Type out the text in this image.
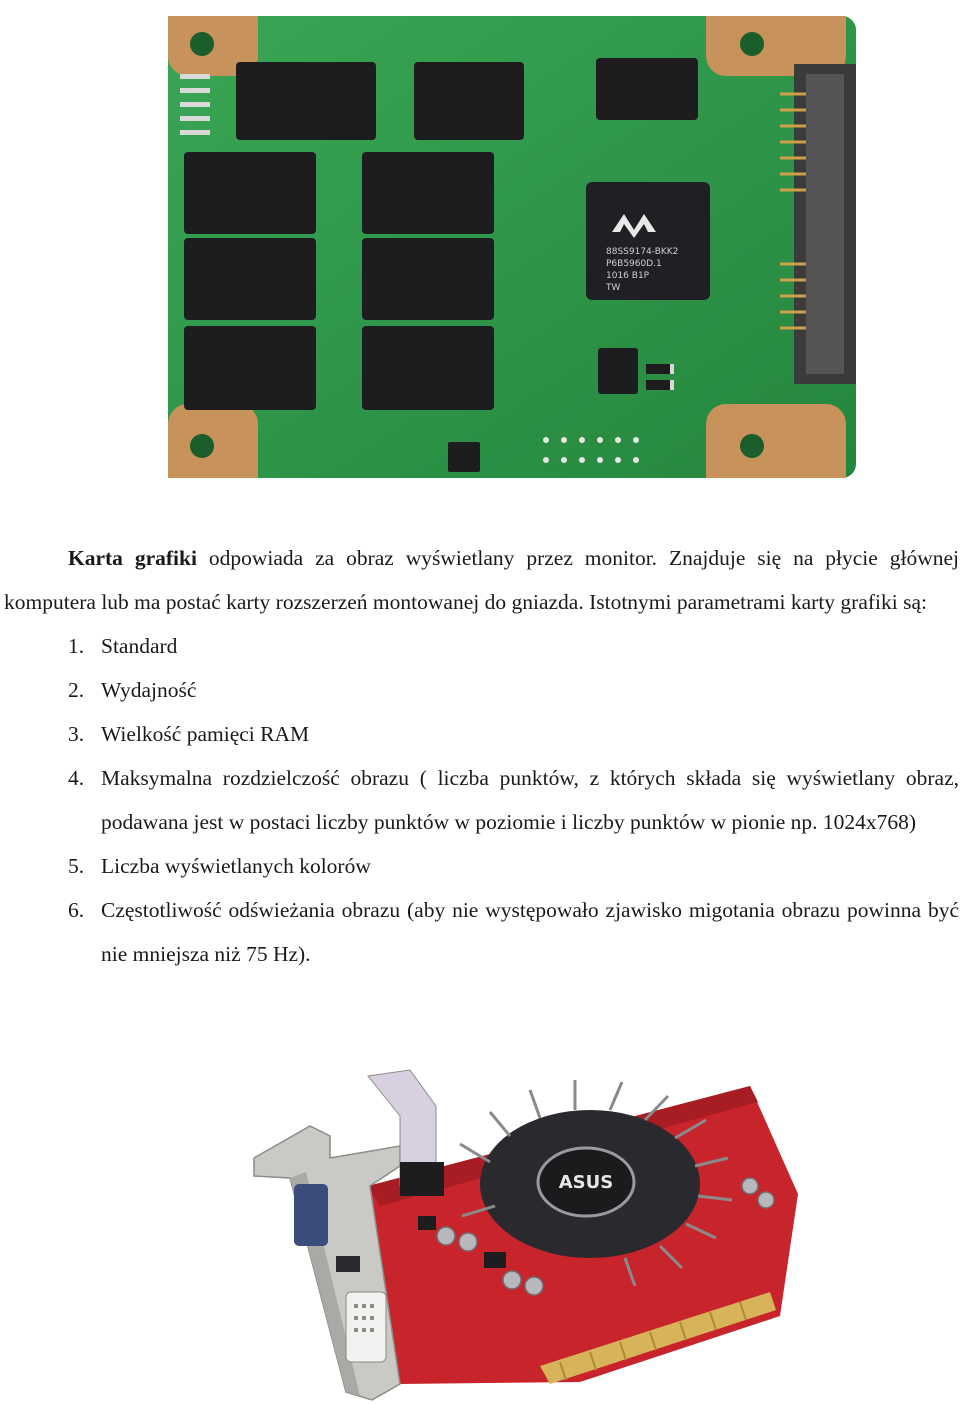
88SS9174-BKK2
P6B5960D.1
1016 B1P
TW

Karta grafiki odpowiada za obraz wyświetlany przez monitor. Znajduje się na płycie głównej komputera lub ma postać karty rozszerzeń montowanej do gniazda. Istotnymi parametrami karty grafiki są:

1. Standard
2. Wydajność
3. Wielkość pamięci RAM
4. Maksymalna rozdzielczość obrazu ( liczba punktów, z których składa się wyświetlany obraz, podawana jest w postaci liczby punktów w poziomie i liczby punktów w pionie np. 1024x768)
5. Liczba wyświetlanych kolorów
6. Częstotliwość odświeżania obrazu (aby nie występowało zjawisko migotania obrazu powinna być nie mniejsza niż 75 Hz).
ASUS
